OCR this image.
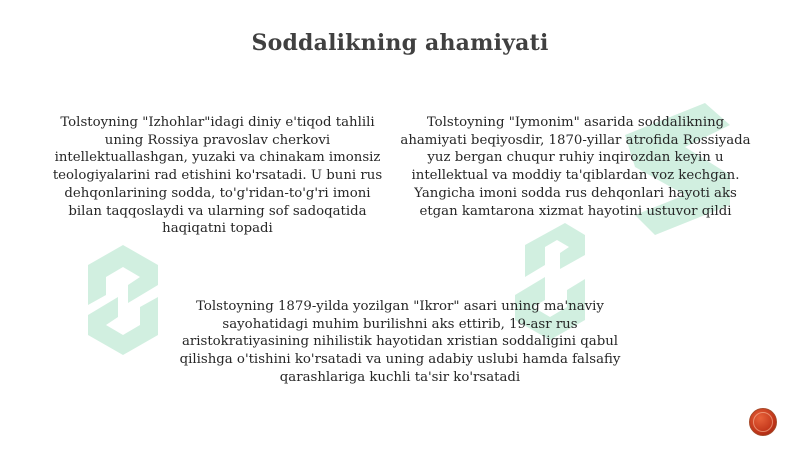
Soddalikning ahamiyati
Tolstoyning "Izhohlar"idagi diniy e'tiqod tahlili uning Rossiya pravoslav cherkovi intellektuallashgan, yuzaki va chinakam imonsiz teologiyalarini rad etishini ko'rsatadi. U buni rus dehqonlarining sodda, to'g'ridan-to'g'ri imoni bilan taqqoslaydi va ularning sof sadoqatida haqiqatni topadi
Tolstoyning "Iymonim" asarida soddalikning ahamiyati beqiyosdir, 1870-yillar atrofida Rossiyada yuz bergan chuqur ruhiy inqirozdan keyin u intellektual va moddiy ta'qiblardan voz kechgan. Yangicha imoni sodda rus dehqonlari hayoti aks etgan kamtarona xizmat hayotini ustuvor qildi
Tolstoyning 1879-yilda yozilgan "Ikror" asari uning ma'naviy sayohatidagi muhim burilishni aks ettirib, 19-asr rus aristokratiyasining nihilistik hayotidan xristian soddaligini qabul qilishga o'tishini ko'rsatadi va uning adabiy uslubi hamda falsafiy qarashlariga kuchli ta'sir ko'rsatadi
